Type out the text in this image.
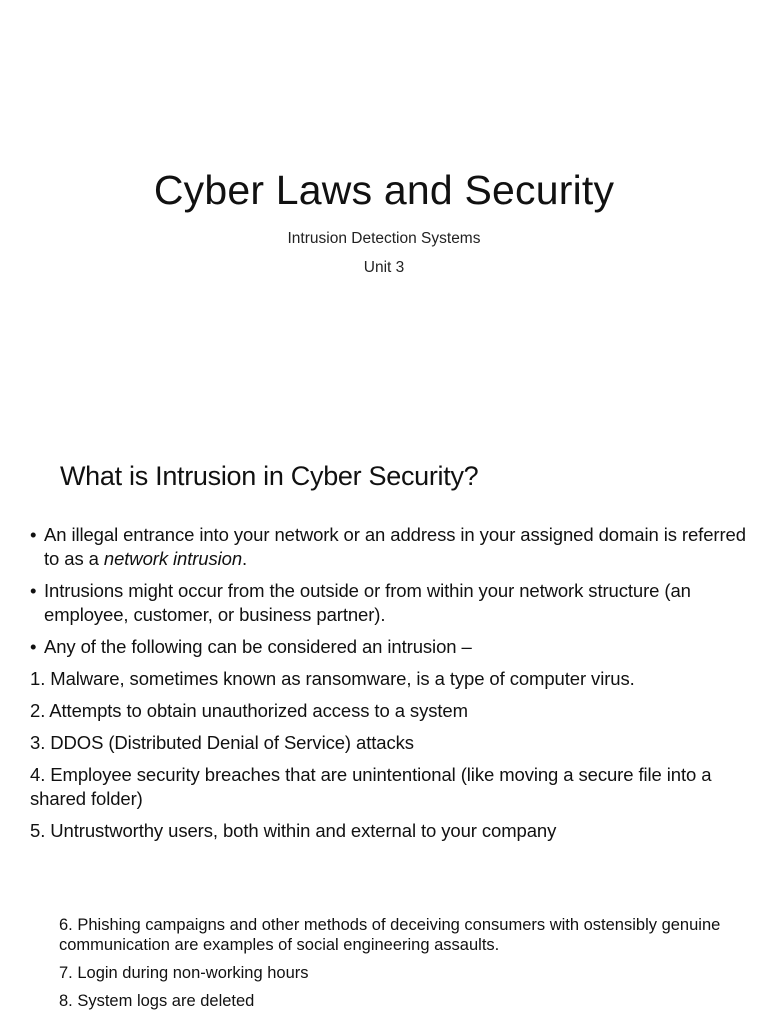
Cyber Laws and Security
Intrusion Detection Systems
Unit 3
What is Intrusion in Cyber Security?
• An illegal entrance into your network or an address in your assigned domain is referred to as a network intrusion.
• Intrusions might occur from the outside or from within your network structure (an employee, customer, or business partner).
• Any of the following can be considered an intrusion –
1. Malware, sometimes known as ransomware, is a type of computer virus.
2. Attempts to obtain unauthorized access to a system
3. DDOS (Distributed Denial of Service) attacks
4. Employee security breaches that are unintentional (like moving a secure file into a shared folder)
5. Untrustworthy users, both within and external to your company
6. Phishing campaigns and other methods of deceiving consumers with ostensibly genuine communication are examples of social engineering assaults.
7. Login during non-working hours
8. System logs are deleted
